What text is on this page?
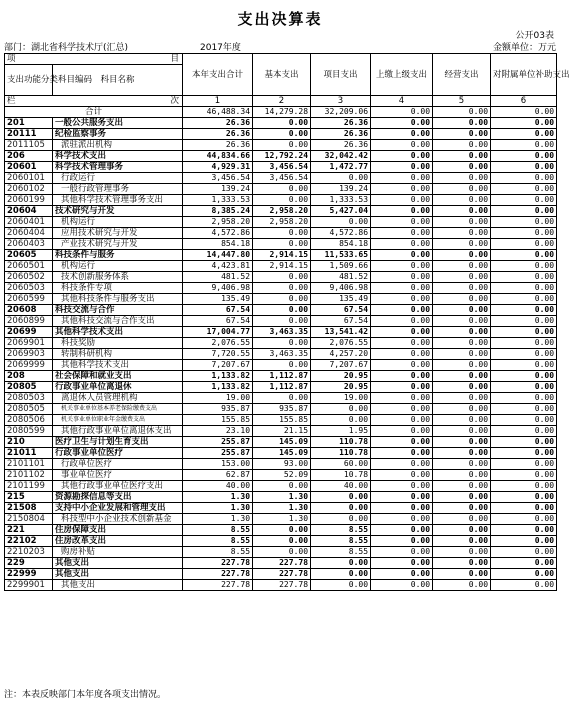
支出决算表
公开03表
部门：湖北省科学技术厅(汇总)	2017年度	金额单位：万元
项 目		本年支出合计	基本支出	项目支出	上缴上级支出	经营支出	对附属单位补助支出
支出功能分类科目编码	科目名称						

栏 次		1	2	3	4	5	6
合计		46,488.34	14,279.28	32,209.06	0.00	0.00	0.00
201	一般公共服务支出	26.36	0.00	26.36	0.00	0.00	0.00
20111	纪检监察事务	26.36	0.00	26.36	0.00	0.00	0.00
2011105	派驻派出机构	26.36	0.00	26.36	0.00	0.00	0.00
206	科学技术支出	44,834.66	12,792.24	32,042.42	0.00	0.00	0.00
20601	科学技术管理事务	4,929.31	3,456.54	1,472.77	0.00	0.00	0.00
2060101	行政运行	3,456.54	3,456.54	0.00	0.00	0.00	0.00
2060102	一般行政管理事务	139.24	0.00	139.24	0.00	0.00	0.00
2060199	其他科学技术管理事务支出	1,333.53	0.00	1,333.53	0.00	0.00	0.00
20604	技术研究与开发	8,385.24	2,958.20	5,427.04	0.00	0.00	0.00
2060401	机构运行	2,958.20	2,958.20	0.00	0.00	0.00	0.00
2060404	应用技术研究与开发	4,572.86	0.00	4,572.86	0.00	0.00	0.00
2060403	产业技术研究与开发	854.18	0.00	854.18	0.00	0.00	0.00
20605	科技条件与服务	14,447.80	2,914.15	11,533.65	0.00	0.00	0.00
2060501	机构运行	4,423.81	2,914.15	1,509.66	0.00	0.00	0.00
2060502	技术创新服务体系	481.52	0.00	481.52	0.00	0.00	0.00
2060503	科技条件专项	9,406.98	0.00	9,406.98	0.00	0.00	0.00
2060599	其他科技条件与服务支出	135.49	0.00	135.49	0.00	0.00	0.00
20608	科技交流与合作	67.54	0.00	67.54	0.00	0.00	0.00
2060899	其他科技交流与合作支出	67.54	0.00	67.54	0.00	0.00	0.00
20699	其他科学技术支出	17,004.77	3,463.35	13,541.42	0.00	0.00	0.00
2069901	科技奖励	2,076.55	0.00	2,076.55	0.00	0.00	0.00
2069903	转制科研机构	7,720.55	3,463.35	4,257.20	0.00	0.00	0.00
2069999	其他科学技术支出	7,207.67	0.00	7,207.67	0.00	0.00	0.00
208	社会保障和就业支出	1,133.82	1,112.87	20.95	0.00	0.00	0.00
20805	行政事业单位离退休	1,133.82	1,112.87	20.95	0.00	0.00	0.00
2080503	离退休人员管理机构	19.00	0.00	19.00	0.00	0.00	0.00
2080505	机关事业单位基本养老保险缴费支出	935.87	935.87	0.00	0.00	0.00	0.00
2080506	机关事业单位职业年金缴费支出	155.85	155.85	0.00	0.00	0.00	0.00
2080599	其他行政事业单位离退休支出	23.10	21.15	1.95	0.00	0.00	0.00
210	医疗卫生与计划生育支出	255.87	145.09	110.78	0.00	0.00	0.00
21011	行政事业单位医疗	255.87	145.09	110.78	0.00	0.00	0.00
2101101	行政单位医疗	153.00	93.00	60.00	0.00	0.00	0.00
2101102	事业单位医疗	62.87	52.09	10.78	0.00	0.00	0.00
2101199	其他行政事业单位医疗支出	40.00	0.00	40.00	0.00	0.00	0.00
215	资源勘探信息等支出	1.30	1.30	0.00	0.00	0.00	0.00
21508	支持中小企业发展和管理支出	1.30	1.30	0.00	0.00	0.00	0.00
2150804	科技型中小企业技术创新基金	1.30	1.30	0.00	0.00	0.00	0.00
221	住房保障支出	8.55	0.00	8.55	0.00	0.00	0.00
22102	住房改革支出	8.55	0.00	8.55	0.00	0.00	0.00
2210203	购房补贴	8.55	0.00	8.55	0.00	0.00	0.00
229	其他支出	227.78	227.78	0.00	0.00	0.00	0.00
22999	其他支出	227.78	227.78	0.00	0.00	0.00	0.00
2299901	其他支出	227.78	227.78	0.00	0.00	0.00	0.00
注：本表反映部门本年度各项支出情况。
